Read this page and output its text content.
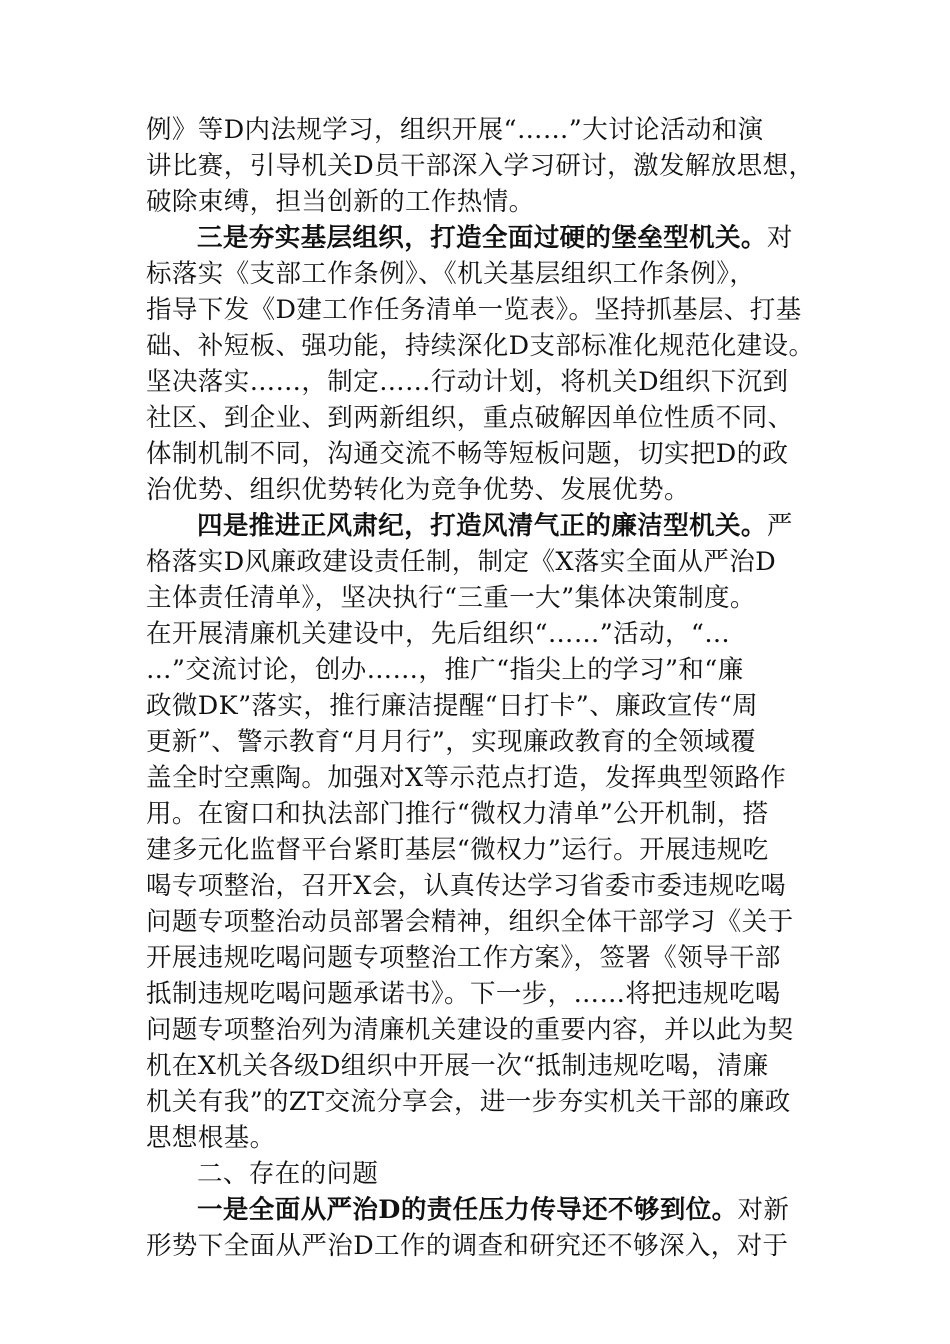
例》等D内法规学习，组织开展“……”大讨论活动和演
讲比赛，引导机关D员干部深入学习研讨，激发解放思想，
破除束缚，担当创新的工作热情。
三是夯实基层组织，打造全面过硬的堡垒型机关。对
标落实《支部工作条例》、《机关基层组织工作条例》，
指导下发《D建工作任务清单一览表》。坚持抓基层、打基
础、补短板、强功能，持续深化D支部标准化规范化建设。
坚决落实……，制定……行动计划，将机关D组织下沉到
社区、到企业、到两新组织，重点破解因单位性质不同、
体制机制不同，沟通交流不畅等短板问题，切实把D的政
治优势、组织优势转化为竞争优势、发展优势。
四是推进正风肃纪，打造风清气正的廉洁型机关。严
格落实D风廉政建设责任制，制定《X落实全面从严治D
主体责任清单》，坚决执行“三重一大”集体决策制度。
在开展清廉机关建设中，先后组织“……”活动，“…
…”交流讨论，创办……，推广“指尖上的学习”和“廉
政微DK”落实，推行廉洁提醒“日打卡”、廉政宣传“周
更新”、警示教育“月月行”，实现廉政教育的全领域覆
盖全时空熏陶。加强对X等示范点打造，发挥典型领路作
用。在窗口和执法部门推行“微权力清单”公开机制，搭
建多元化监督平台紧盯基层“微权力”运行。开展违规吃
喝专项整治，召开X会，认真传达学习省委市委违规吃喝
问题专项整治动员部署会精神，组织全体干部学习《关于
开展违规吃喝问题专项整治工作方案》，签署《领导干部
抵制违规吃喝问题承诺书》。下一步，……将把违规吃喝
问题专项整治列为清廉机关建设的重要内容，并以此为契
机在X机关各级D组织中开展一次“抵制违规吃喝，清廉
机关有我”的ZT交流分享会，进一步夯实机关干部的廉政
思想根基。
二、存在的问题
一是全面从严治D的责任压力传导还不够到位。对新
形势下全面从严治D工作的调查和研究还不够深入，对于
